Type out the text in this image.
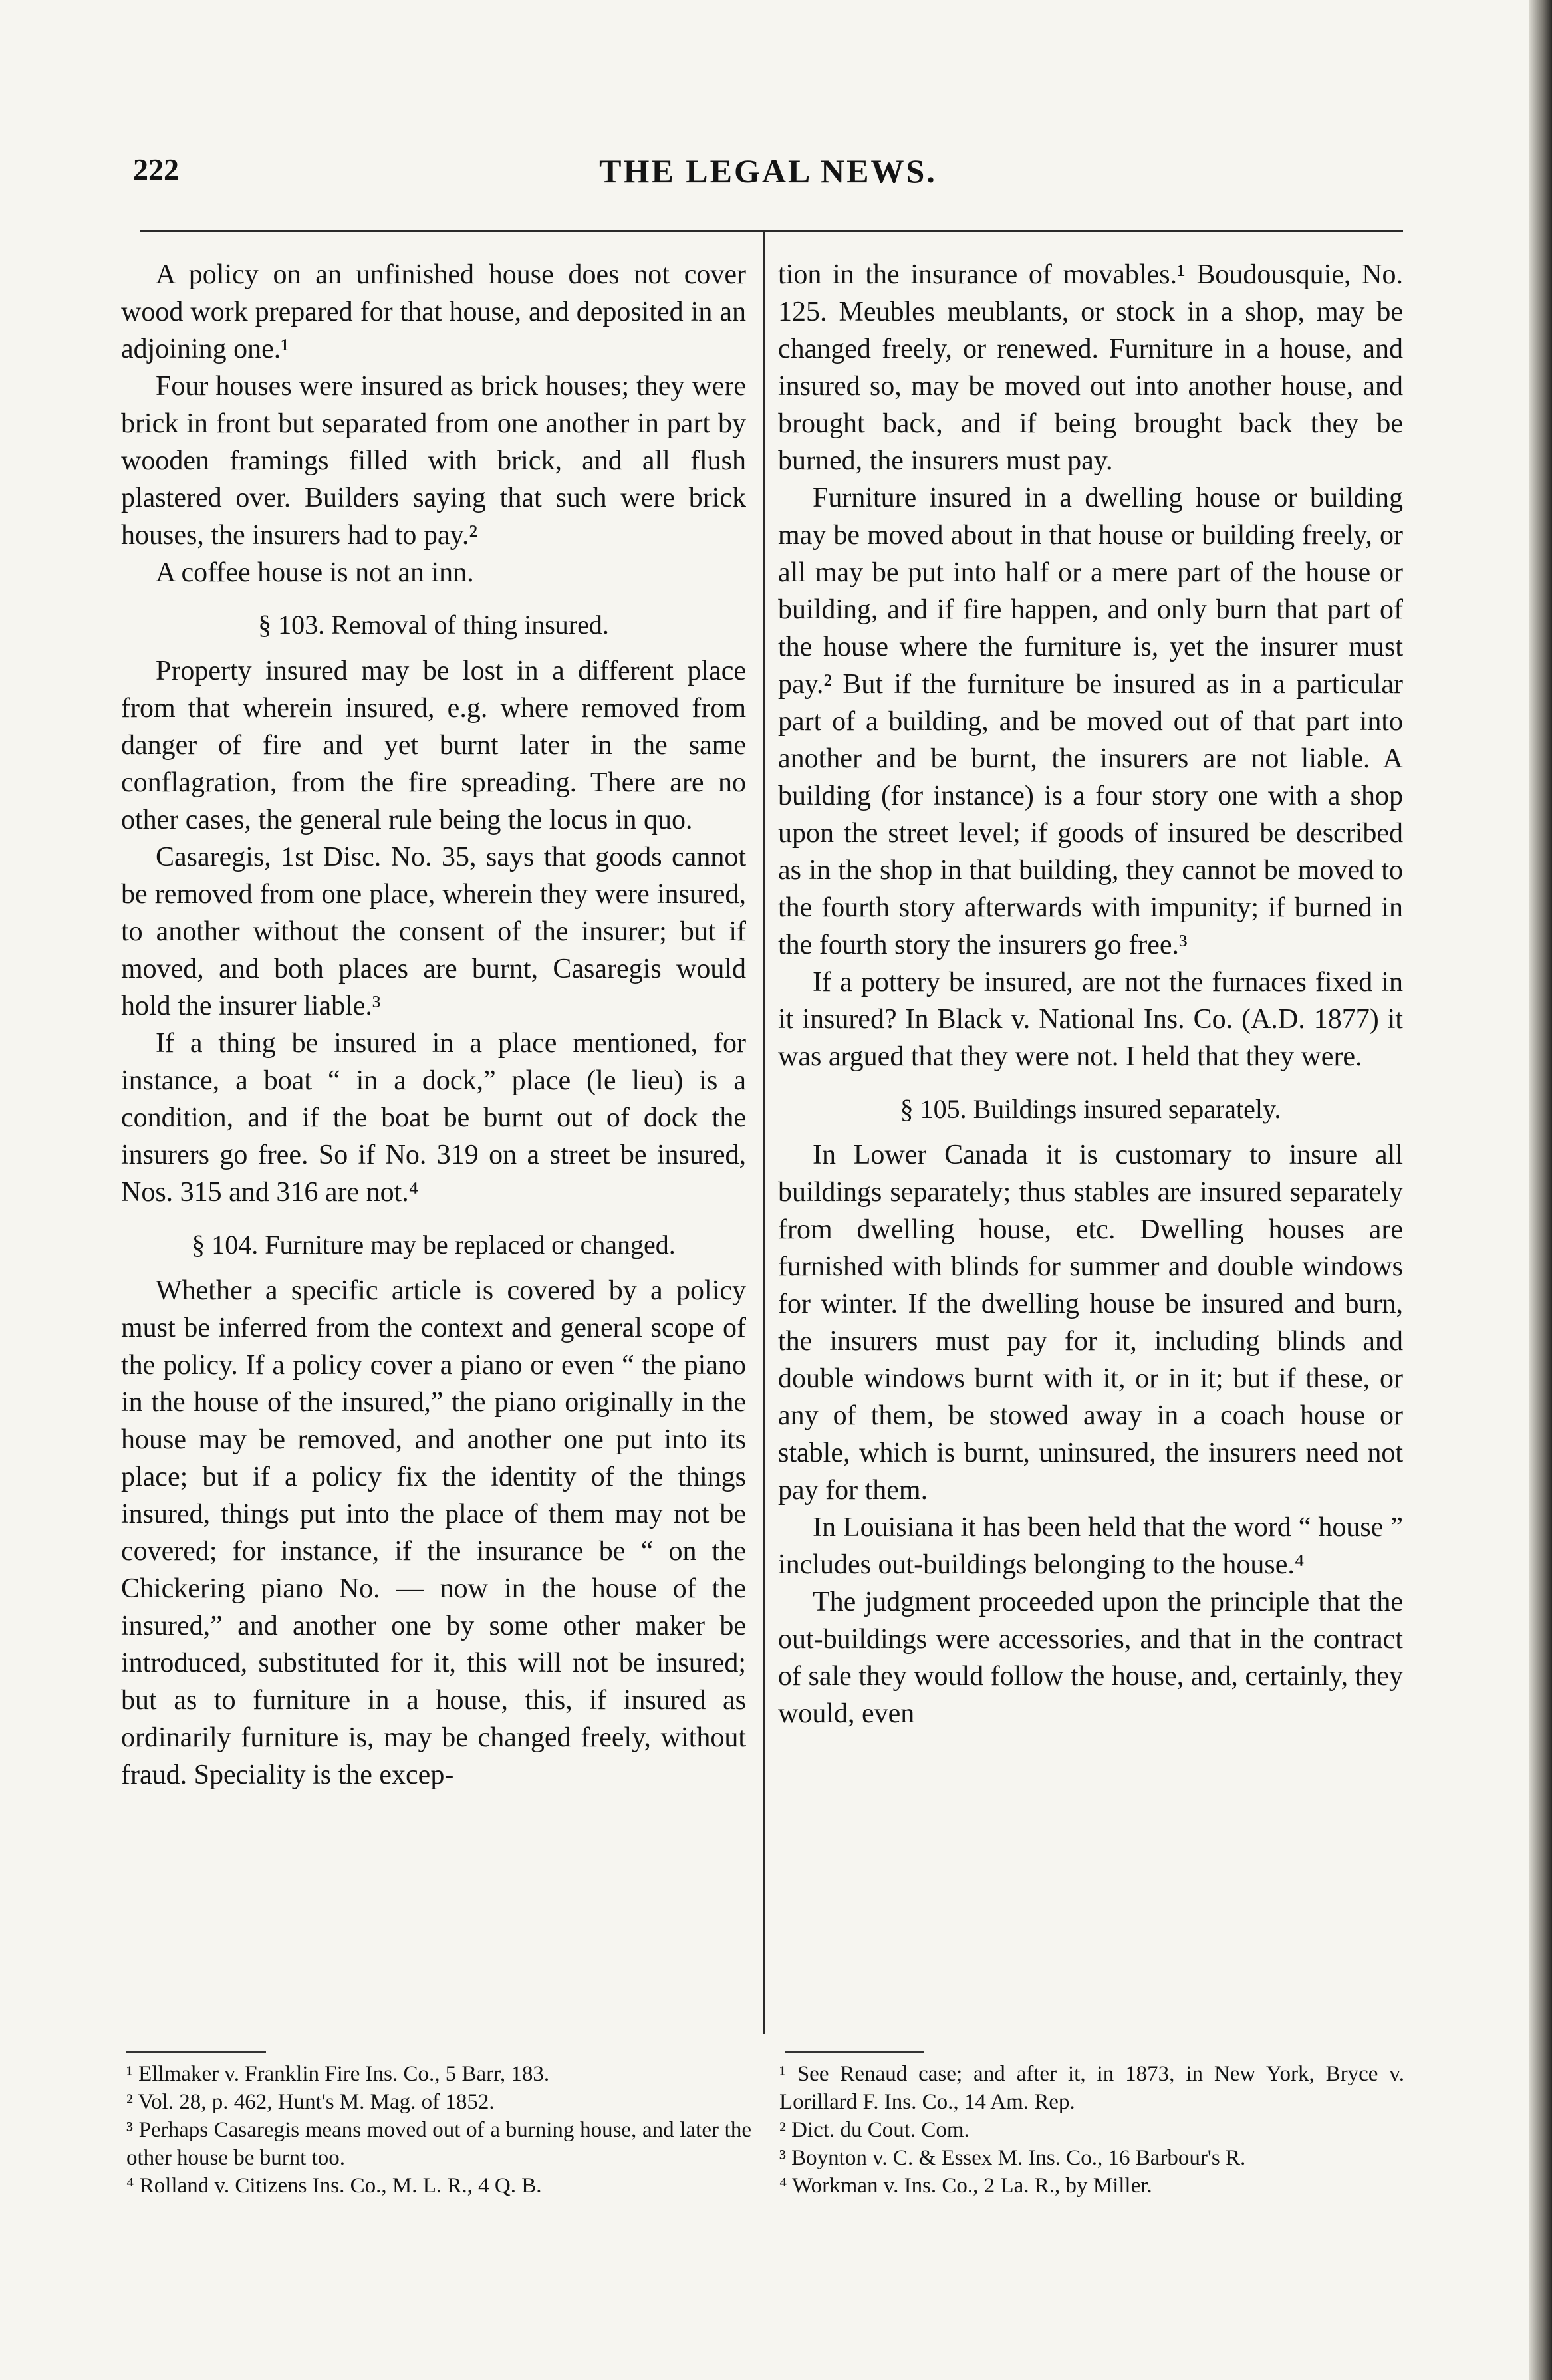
222	THE LEGAL NEWS.

A policy on an unfinished house does not cover wood work prepared for that house, and deposited in an adjoining one.¹

Four houses were insured as brick houses; they were brick in front but separated from one another in part by wooden framings filled with brick, and all flush plastered over. Builders saying that such were brick houses, the insurers had to pay.²

A coffee house is not an inn.

§ 103. Removal of thing insured.

Property insured may be lost in a different place from that wherein insured, e.g. where removed from danger of fire and yet burnt later in the same conflagration, from the fire spreading. There are no other cases, the general rule being the locus in quo.

Casaregis, 1st Disc. No. 35, says that goods cannot be removed from one place, wherein they were insured, to another without the consent of the insurer; but if moved, and both places are burnt, Casaregis would hold the insurer liable.³

If a thing be insured in a place mentioned, for instance, a boat “ in a dock,” place (le lieu) is a condition, and if the boat be burnt out of dock the insurers go free. So if No. 319 on a street be insured, Nos. 315 and 316 are not.⁴

§ 104. Furniture may be replaced or changed.

Whether a specific article is covered by a policy must be inferred from the context and general scope of the policy. If a policy cover a piano or even “ the piano in the house of the insured,” the piano originally in the house may be removed, and another one put into its place; but if a policy fix the identity of the things insured, things put into the place of them may not be covered; for instance, if the insurance be “ on the Chickering piano No. — now in the house of the insured,” and another one by some other maker be introduced, substituted for it, this will not be insured; but as to furniture in a house, this, if insured as ordinarily furniture is, may be changed freely, without fraud. Speciality is the excep-

tion in the insurance of movables.¹ Boudousquie, No. 125. Meubles meublants, or stock in a shop, may be changed freely, or renewed. Furniture in a house, and insured so, may be moved out into another house, and brought back, and if being brought back they be burned, the insurers must pay.

Furniture insured in a dwelling house or building may be moved about in that house or building freely, or all may be put into half or a mere part of the house or building, and if fire happen, and only burn that part of the house where the furniture is, yet the insurer must pay.² But if the furniture be insured as in a particular part of a building, and be moved out of that part into another and be burnt, the insurers are not liable. A building (for instance) is a four story one with a shop upon the street level; if goods of insured be described as in the shop in that building, they cannot be moved to the fourth story afterwards with impunity; if burned in the fourth story the insurers go free.³

If a pottery be insured, are not the furnaces fixed in it insured? In Black v. National Ins. Co. (A.D. 1877) it was argued that they were not. I held that they were.

§ 105. Buildings insured separately.

In Lower Canada it is customary to insure all buildings separately; thus stables are insured separately from dwelling house, etc. Dwelling houses are furnished with blinds for summer and double windows for winter. If the dwelling house be insured and burn, the insurers must pay for it, including blinds and double windows burnt with it, or in it; but if these, or any of them, be stowed away in a coach house or stable, which is burnt, uninsured, the insurers need not pay for them.

In Louisiana it has been held that the word “ house ” includes out-buildings belonging to the house.⁴

The judgment proceeded upon the principle that the out-buildings were accessories, and that in the contract of sale they would follow the house, and, certainly, they would, even

¹ Ellmaker v. Franklin Fire Ins. Co., 5 Barr, 183.

² Vol. 28, p. 462, Hunt's M. Mag. of 1852.

³ Perhaps Casaregis means moved out of a burning house, and later the other house be burnt too.

⁴ Rolland v. Citizens Ins. Co., M. L. R., 4 Q. B.

¹ See Renaud case; and after it, in 1873, in New York, Bryce v. Lorillard F. Ins. Co., 14 Am. Rep.

² Dict. du Cout. Com.

³ Boynton v. C. & Essex M. Ins. Co., 16 Barbour's R.

⁴ Workman v. Ins. Co., 2 La. R., by Miller.
